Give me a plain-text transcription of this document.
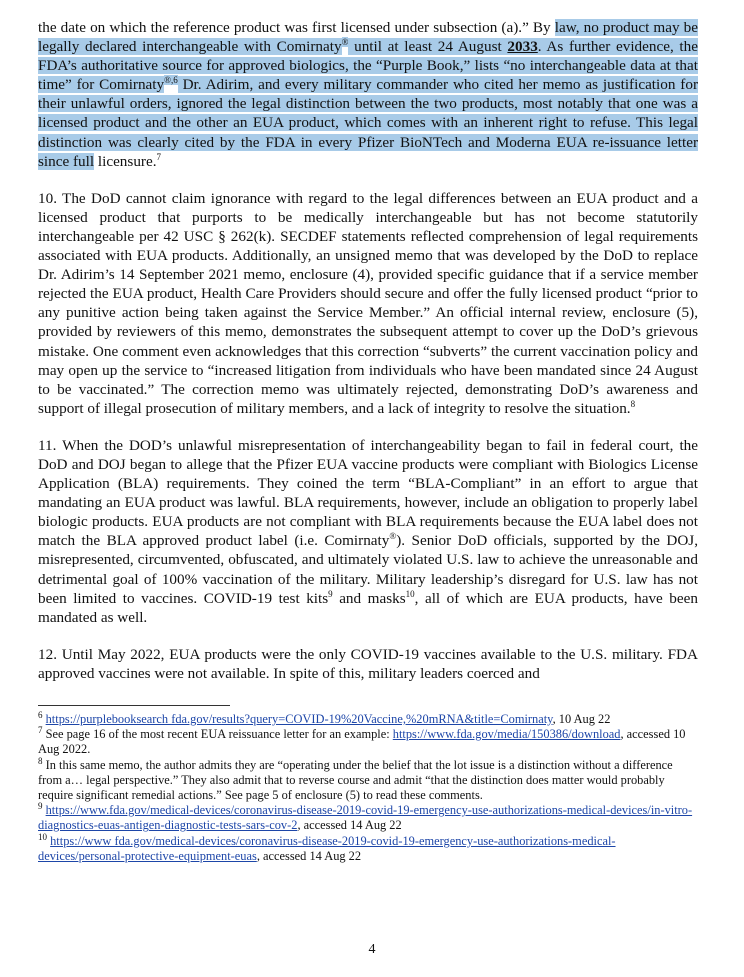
the date on which the reference product was first licensed under subsection (a).” By law, no product may be legally declared interchangeable with Comirnaty® until at least 24 August 2033. As further evidence, the FDA’s authoritative source for approved biologics, the “Purple Book,” lists “no interchangeable data at that time” for Comirnaty$^{®,6}$ Dr. Adirim, and every military commander who cited her memo as justification for their unlawful orders, ignored the legal distinction between the two products, most notably that one was a licensed product and the other an EUA product, which comes with an inherent right to refuse. This legal distinction was clearly cited by the FDA in every Pfizer BioNTech and Moderna EUA re-issuance letter since full licensure.$^7$

10. The DoD cannot claim ignorance with regard to the legal differences between an EUA product and a licensed product that purports to be medically interchangeable but has not become statutorily interchangeable per 42 USC § 262(k). SECDEF statements reflected comprehension of legal requirements associated with EUA products. Additionally, an unsigned memo that was developed by the DoD to replace Dr. Adirim’s 14 September 2021 memo, enclosure (4), provided specific guidance that if a service member rejected the EUA product, Health Care Providers should secure and offer the fully licensed product “prior to any punitive action being taken against the Service Member.” An official internal review, enclosure (5), provided by reviewers of this memo, demonstrates the subsequent attempt to cover up the DoD’s grievous mistake. One comment even acknowledges that this correction “subverts” the current vaccination policy and may open up the service to “increased litigation from individuals who have been mandated since 24 August to be vaccinated.” The correction memo was ultimately rejected, demonstrating DoD’s awareness and support of illegal prosecution of military members, and a lack of integrity to resolve the situation.$^8$

11. When the DOD’s unlawful misrepresentation of interchangeability began to fail in federal court, the DoD and DOJ began to allege that the Pfizer EUA vaccine products were compliant with Biologics License Application (BLA) requirements. They coined the term “BLA-Compliant” in an effort to argue that mandating an EUA product was lawful. BLA requirements, however, include an obligation to properly label biologic products. EUA products are not compliant with BLA requirements because the EUA label does not match the BLA approved product label (i.e. Comirnaty®). Senior DoD officials, supported by the DOJ, misrepresented, circumvented, obfuscated, and ultimately violated U.S. law to achieve the unreasonable and detrimental goal of 100% vaccination of the military. Military leadership’s disregard for U.S. law has not been limited to vaccines. COVID-19 test kits$^9$ and masks$^{10}$, all of which are EUA products, have been mandated as well.

12. Until May 2022, EUA products were the only COVID-19 vaccines available to the U.S. military. FDA approved vaccines were not available. In spite of this, military leaders coerced and

$^6$ https://purplebooksearch fda.gov/results?query=COVID-19%20Vaccine,%20mRNA&title=Comirnaty, 10 Aug 22

$^7$ See page 16 of the most recent EUA reissuance letter for an example: https://www.fda.gov/media/150386/download, accessed 10 Aug 2022.

$^8$ In this same memo, the author admits they are “operating under the belief that the lot issue is a distinction without a difference from a… legal perspective.” They also admit that to reverse course and admit “that the distinction does matter would probably require significant remedial actions.” See page 5 of enclosure (5) to read these comments.

$^9$ https://www.fda.gov/medical-devices/coronavirus-disease-2019-covid-19-emergency-use-authorizations-medical-devices/in-vitro-diagnostics-euas-antigen-diagnostic-tests-sars-cov-2, accessed 14 Aug 22

$^{10}$ https://www fda.gov/medical-devices/coronavirus-disease-2019-covid-19-emergency-use-authorizations-medical-devices/personal-protective-equipment-euas, accessed 14 Aug 22

4
